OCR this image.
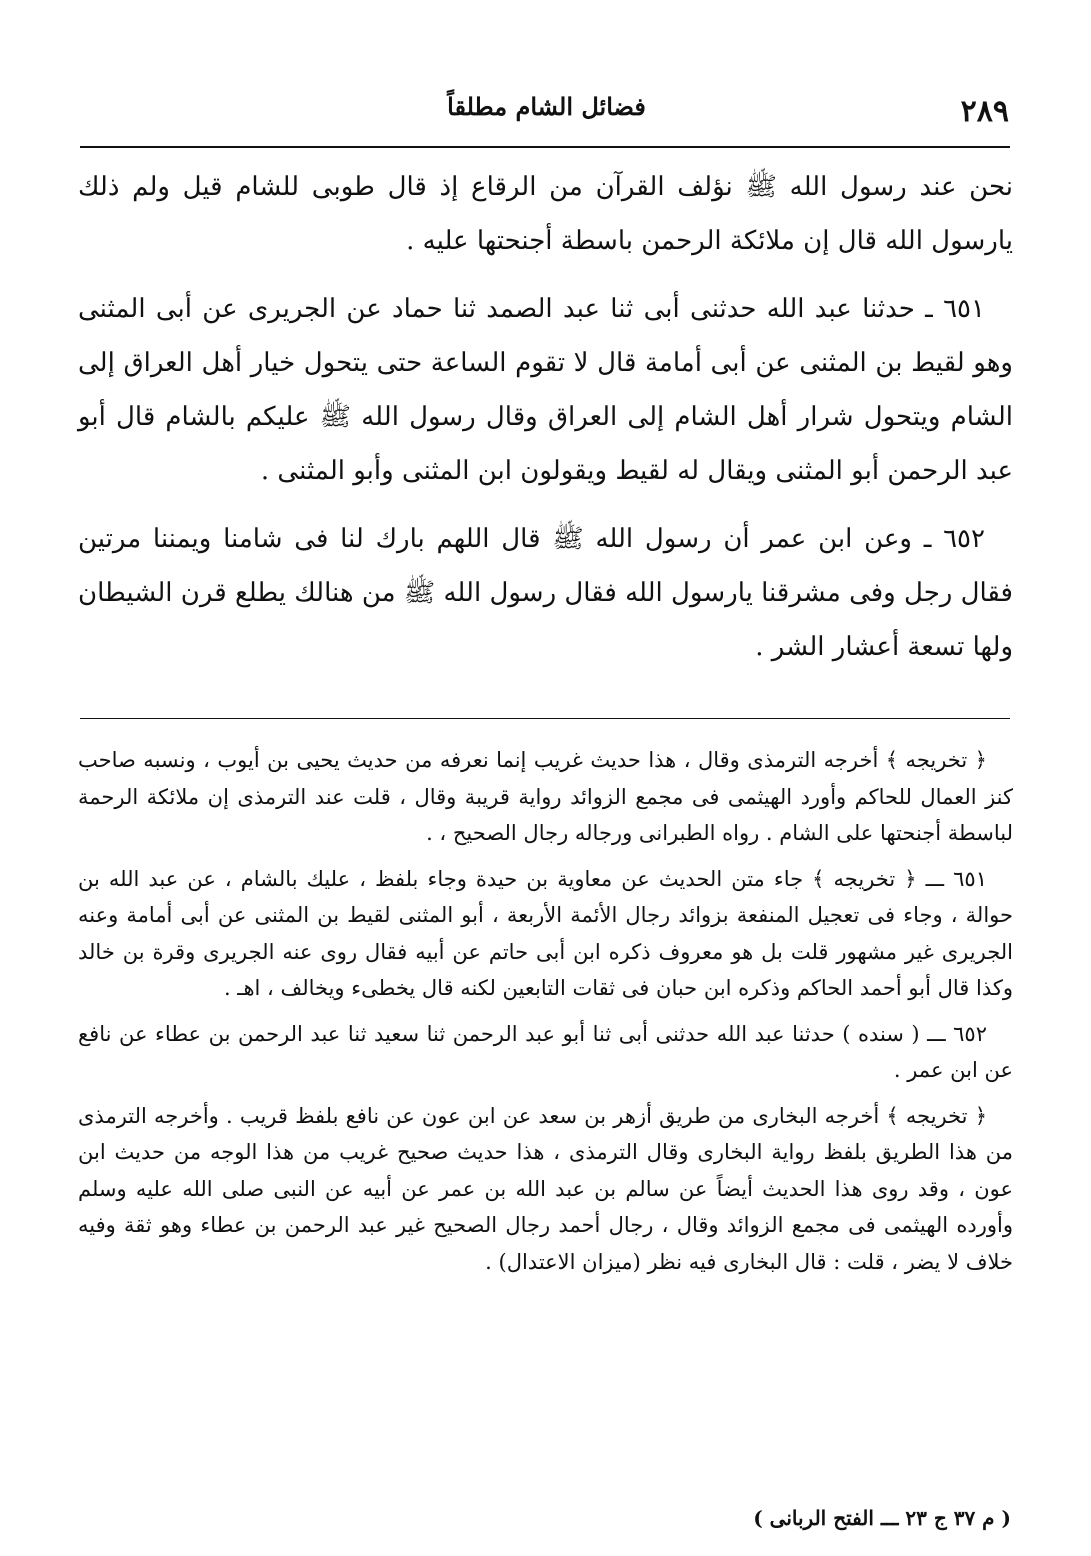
٢٨٩
فضائل الشام مطلقاً

نحن عند رسول الله ﷺ نؤلف القرآن من الرقاع إذ قال طوبى للشام قيل ولم ذلك يارسول الله قال إن ملائكة الرحمن باسطة أجنحتها عليه .

٦٥١ ـ حدثنا عبد الله حدثنى أبى ثنا عبد الصمد ثنا حماد عن الجريرى عن أبى المثنى وهو لقيط بن المثنى عن أبى أمامة قال لا تقوم الساعة حتى يتحول خيار أهل العراق إلى الشام ويتحول شرار أهل الشام إلى العراق وقال رسول الله ﷺ عليكم بالشام قال أبو عبد الرحمن أبو المثنى ويقال له لقيط ويقولون ابن المثنى وأبو المثنى .

٦٥٢ ـ وعن ابن عمر أن رسول الله ﷺ قال اللهم بارك لنا فى شامنا ويمننا مرتين فقال رجل وفى مشرقنا يارسول الله فقال رسول الله ﷺ من هنالك يطلع قرن الشيطان ولها تسعة أعشار الشر .

﴿ تخريجه ﴾ أخرجه الترمذى وقال ، هذا حديث غريب إنما نعرفه من حديث يحيى بن أيوب ، ونسبه صاحب كنز العمال للحاكم وأورد الهيثمى فى مجمع الزوائد رواية قريبة وقال ، قلت عند الترمذى إن ملائكة الرحمة لباسطة أجنحتها على الشام . رواه الطبرانى ورجاله رجال الصحيح ، .

٦٥١ ـــ ﴿ تخريجه ﴾ جاء متن الحديث عن معاوية بن حيدة وجاء بلفظ ، عليك بالشام ، عن عبد الله بن حوالة ، وجاء فى تعجيل المنفعة بزوائد رجال الأئمة الأربعة ، أبو المثنى لقيط بن المثنى عن أبى أمامة وعنه الجريرى غير مشهور قلت بل هو معروف ذكره ابن أبى حاتم عن أبيه فقال روى عنه الجريرى وقرة بن خالد وكذا قال أبو أحمد الحاكم وذكره ابن حبان فى ثقات التابعين لكنه قال يخطىء ويخالف ، اهـ .

٦٥٢ ـــ ( سنده ) حدثنا عبد الله حدثنى أبى ثنا أبو عبد الرحمن ثنا سعيد ثنا عبد الرحمن بن عطاء عن نافع عن ابن عمر .

﴿ تخريجه ﴾ أخرجه البخارى من طريق أزهر بن سعد عن ابن عون عن نافع بلفظ قريب . وأخرجه الترمذى من هذا الطريق بلفظ رواية البخارى وقال الترمذى ، هذا حديث صحيح غريب من هذا الوجه من حديث ابن عون ، وقد روى هذا الحديث أيضاً عن سالم بن عبد الله بن عمر عن أبيه عن النبى صلى الله عليه وسلم وأورده الهيثمى فى مجمع الزوائد وقال ، رجال أحمد رجال الصحيح غير عبد الرحمن بن عطاء وهو ثقة وفيه خلاف لا يضر ، قلت : قال البخارى فيه نظر (ميزان الاعتدال) .

( م ٣٧ ج ٢٣ ـــ الفتح الربانى )
